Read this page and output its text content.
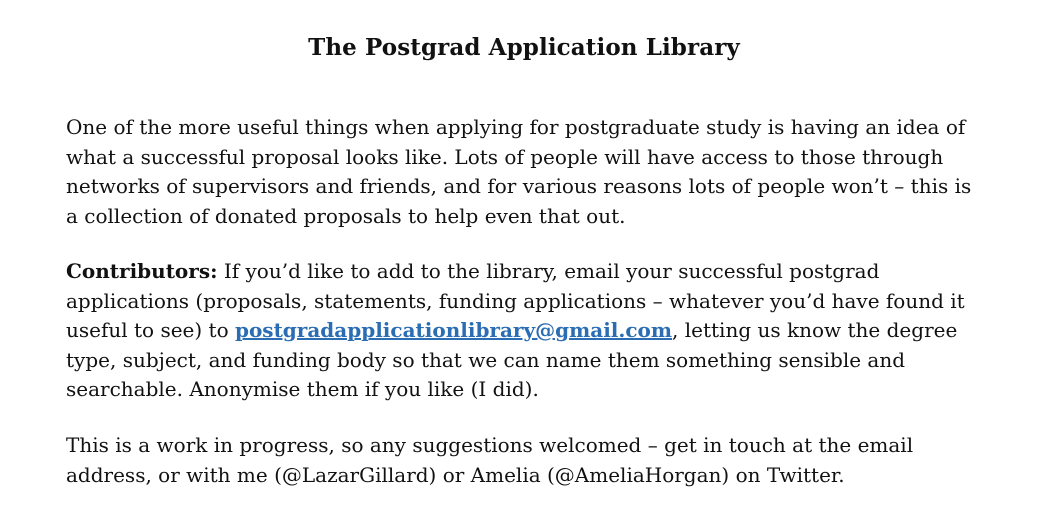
The Postgrad Application Library

One of the more useful things when applying for postgraduate study is having an idea of what a successful proposal looks like. Lots of people will have access to those through networks of supervisors and friends, and for various reasons lots of people won’t – this is a collection of donated proposals to help even that out.

Contributors: If you’d like to add to the library, email your successful postgrad applications (proposals, statements, funding applications – whatever you’d have found it useful to see) to postgradapplicationlibrary@gmail.com, letting us know the degree type, subject, and funding body so that we can name them something sensible and searchable. Anonymise them if you like (I did).

This is a work in progress, so any suggestions welcomed – get in touch at the email address, or with me (@LazarGillard) or Amelia (@AmeliaHorgan) on Twitter.
